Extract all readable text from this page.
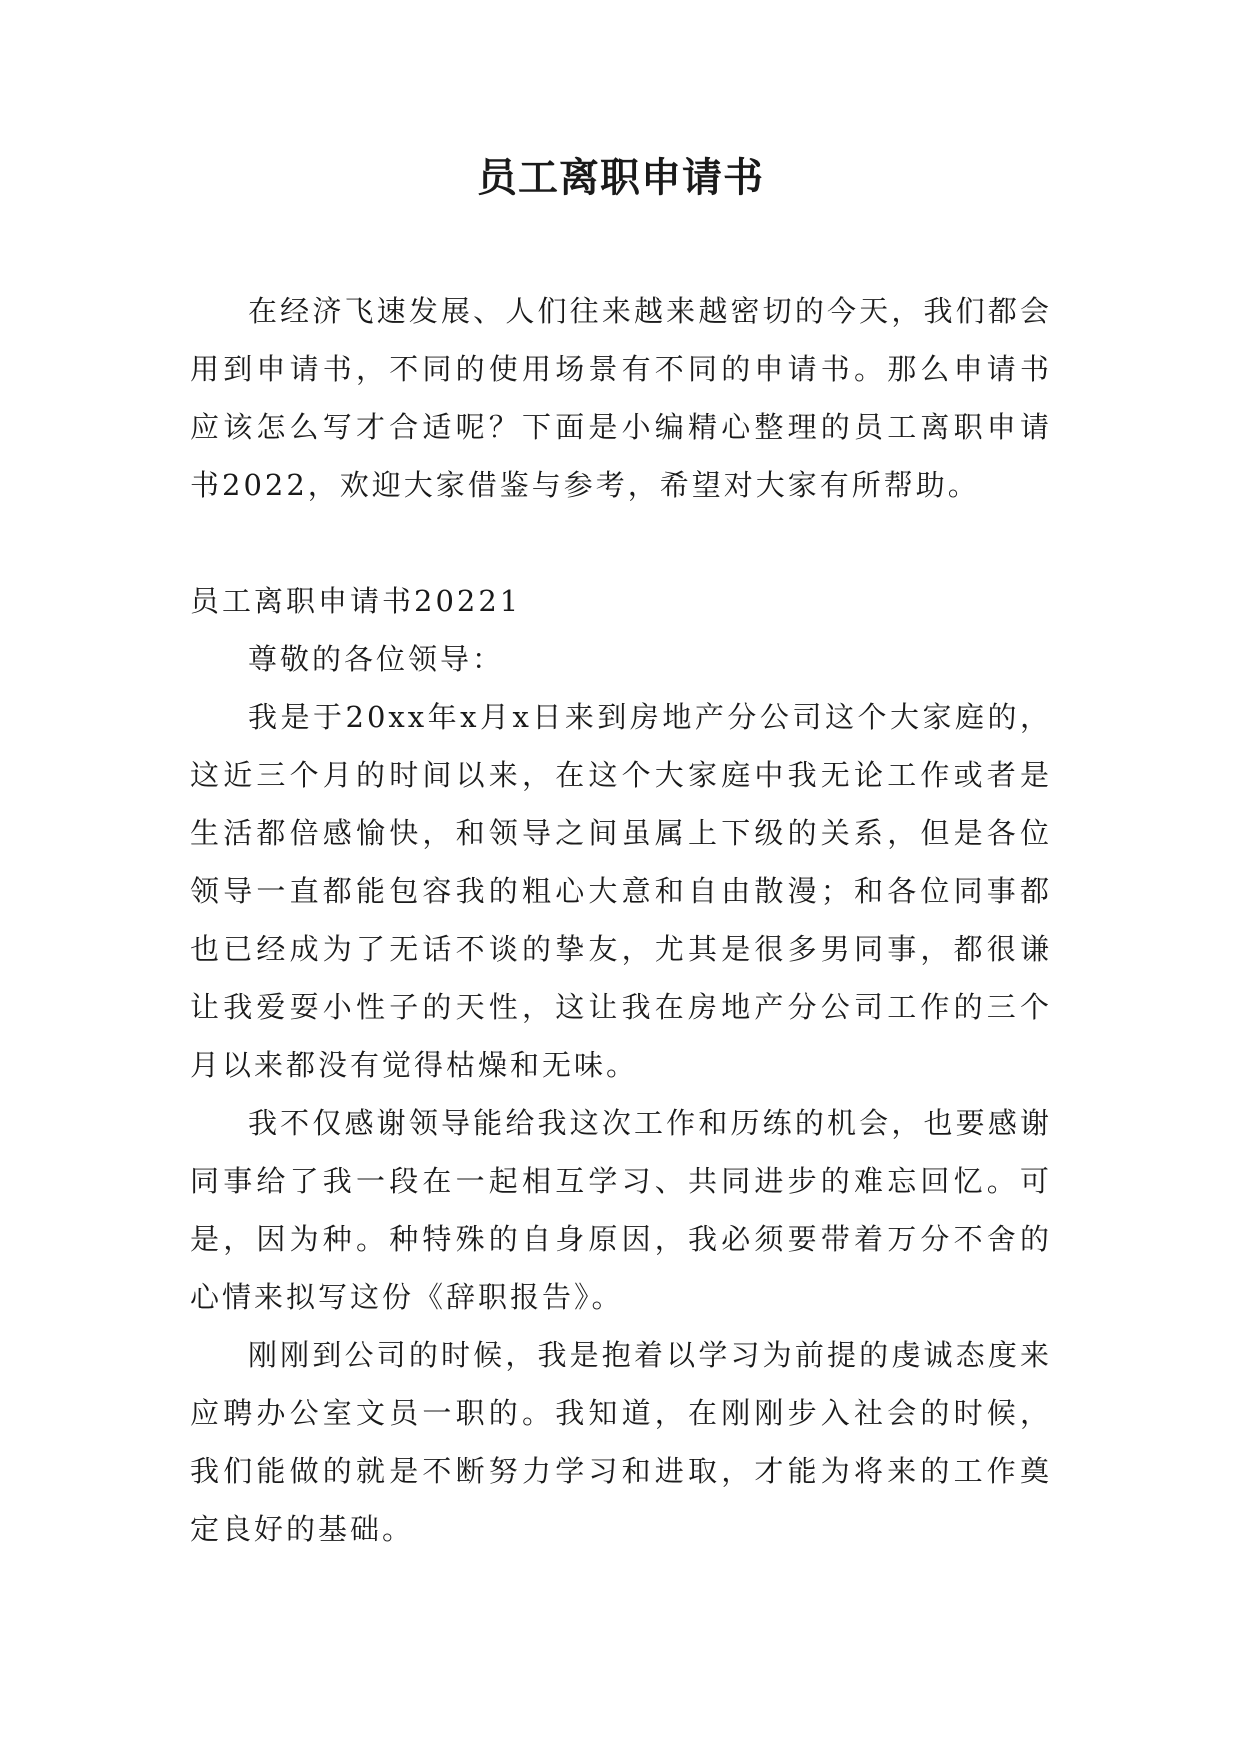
员工离职申请书

在经济飞速发展、人们往来越来越密切的今天，我们都会用到申请书，不同的使用场景有不同的申请书。那么申请书应该怎么写才合适呢？下面是小编精心整理的员工离职申请书2022，欢迎大家借鉴与参考，希望对大家有所帮助。

员工离职申请书20221

尊敬的各位领导：

我是于20xx年x月x日来到房地产分公司这个大家庭的，这近三个月的时间以来，在这个大家庭中我无论工作或者是生活都倍感愉快，和领导之间虽属上下级的关系，但是各位领导一直都能包容我的粗心大意和自由散漫；和各位同事都也已经成为了无话不谈的挚友，尤其是很多男同事，都很谦让我爱耍小性子的天性，这让我在房地产分公司工作的三个月以来都没有觉得枯燥和无味。

我不仅感谢领导能给我这次工作和历练的机会，也要感谢同事给了我一段在一起相互学习、共同进步的难忘回忆。可是，因为种。种特殊的自身原因，我必须要带着万分不舍的心情来拟写这份《辞职报告》。

刚刚到公司的时候，我是抱着以学习为前提的虔诚态度来应聘办公室文员一职的。我知道，在刚刚步入社会的时候，我们能做的就是不断努力学习和进取，才能为将来的工作奠定良好的基础。
